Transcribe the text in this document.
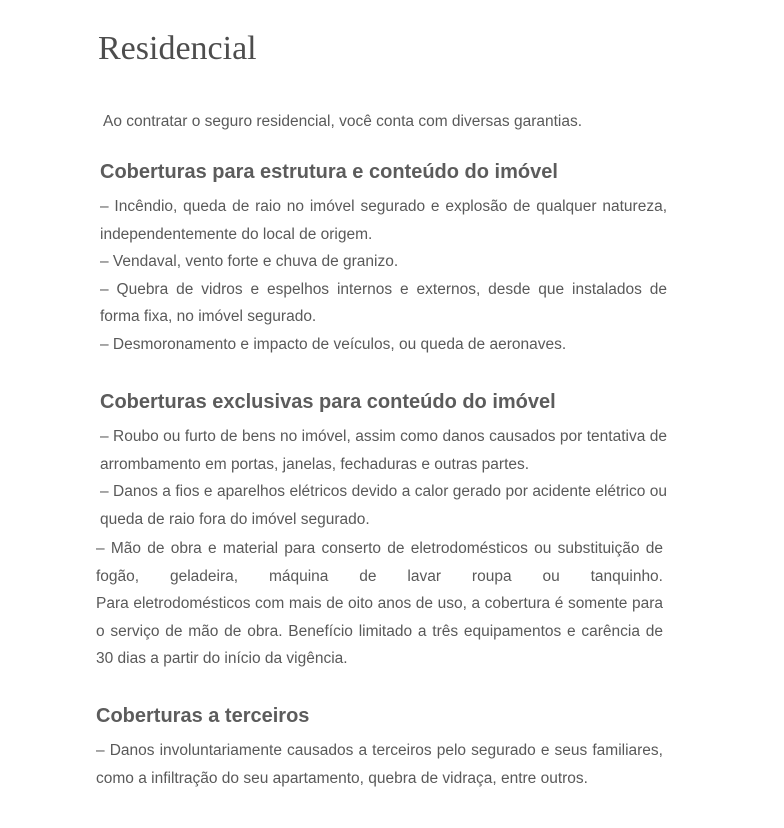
Residencial

Ao contratar o seguro residencial, você conta com diversas garantias.

Coberturas para estrutura e conteúdo do imóvel

– Incêndio, queda de raio no imóvel segurado e explosão de qualquer natureza, independentemente do local de origem.

– Vendaval, vento forte e chuva de granizo.

– Quebra de vidros e espelhos internos e externos, desde que instalados de forma fixa, no imóvel segurado.

– Desmoronamento e impacto de veículos, ou queda de aeronaves.

Coberturas exclusivas para conteúdo do imóvel

– Roubo ou furto de bens no imóvel, assim como danos causados por tentativa de arrombamento em portas, janelas, fechaduras e outras partes.

– Danos a fios e aparelhos elétricos devido a calor gerado por acidente elétrico ou queda de raio fora do imóvel segurado.

– Mão de obra e material para conserto de eletrodomésticos ou substituição de fogão, geladeira, máquina de lavar roupa ou tanquinho.

Para eletrodomésticos com mais de oito anos de uso, a cobertura é somente para o serviço de mão de obra. Benefício limitado a três equipamentos e carência de 30 dias a partir do início da vigência.

Coberturas a terceiros

– Danos involuntariamente causados a terceiros pelo segurado e seus familiares, como a infiltração do seu apartamento, quebra de vidraça, entre outros.
